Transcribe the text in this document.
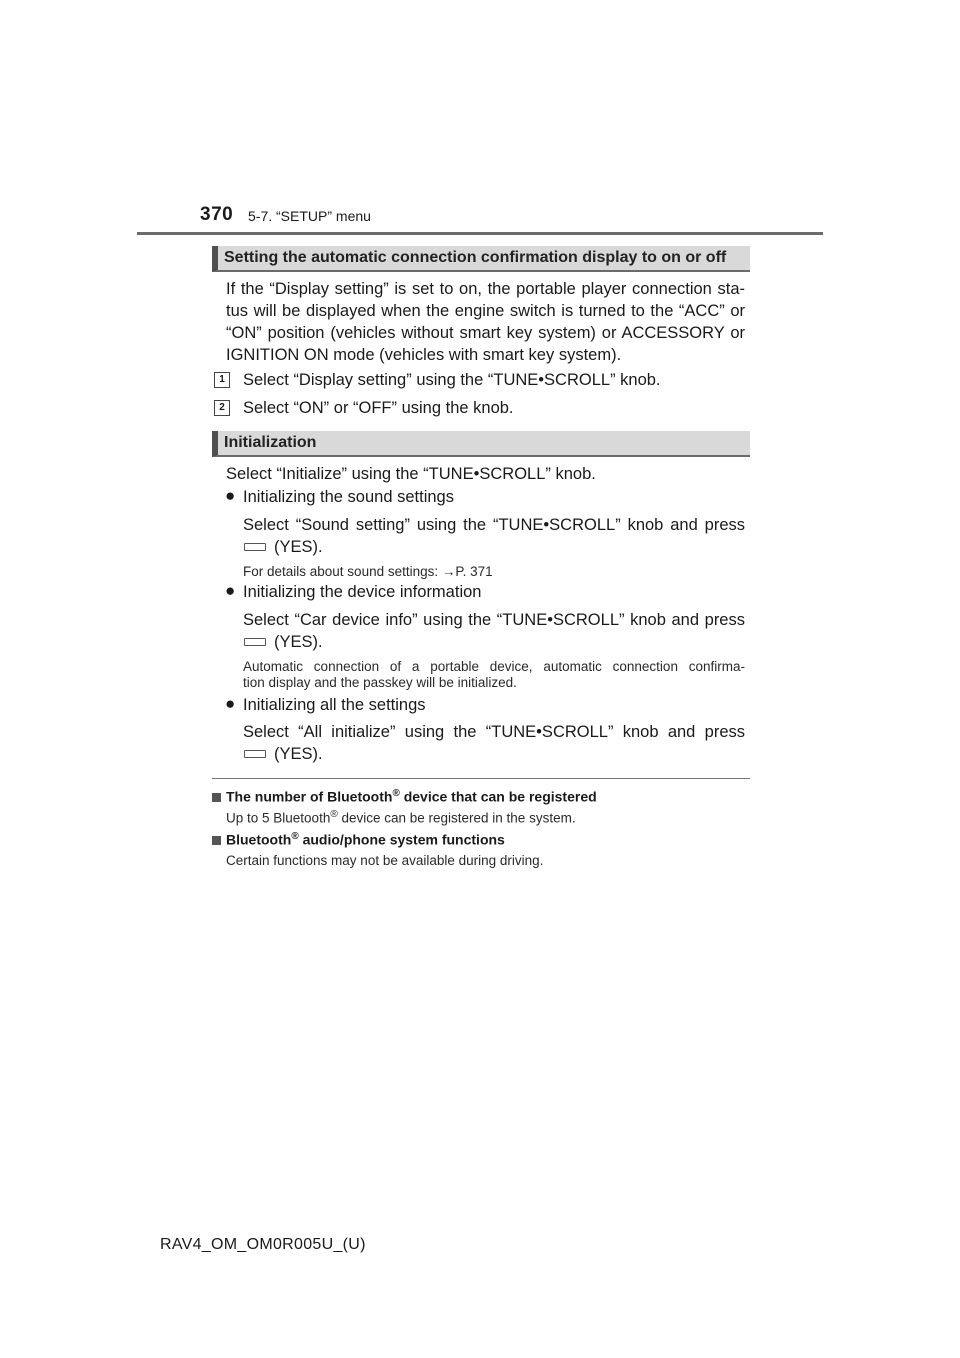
370 5-7. “SETUP” menu
Setting the automatic connection confirmation display to on or off
If the “Display setting” is set to on, the portable player connection sta-
tus will be displayed when the engine switch is turned to the “ACC” or
“ON” position (vehicles without smart key system) or ACCESSORY or
IGNITION ON mode (vehicles with smart key system).
1	Select “Display setting” using the “TUNE•SCROLL” knob.
2	Select “ON” or “OFF” using the knob.
Initialization
Select “Initialize” using the “TUNE•SCROLL” knob.
● Initializing the sound settings
Select “Sound setting” using the “TUNE•SCROLL” knob and press
(YES).
For details about sound settings: →P. 371
● Initializing the device information
Select “Car device info” using the “TUNE•SCROLL” knob and press
(YES).
Automatic connection of a portable device, automatic connection confirma-
tion display and the passkey will be initialized.
● Initializing all the settings
Select “All initialize” using the “TUNE•SCROLL” knob and press
(YES).
The number of Bluetooth® device that can be registered
Up to 5 Bluetooth® device can be registered in the system.
Bluetooth® audio/phone system functions
Certain functions may not be available during driving.
RAV4_OM_OM0R005U_(U)
